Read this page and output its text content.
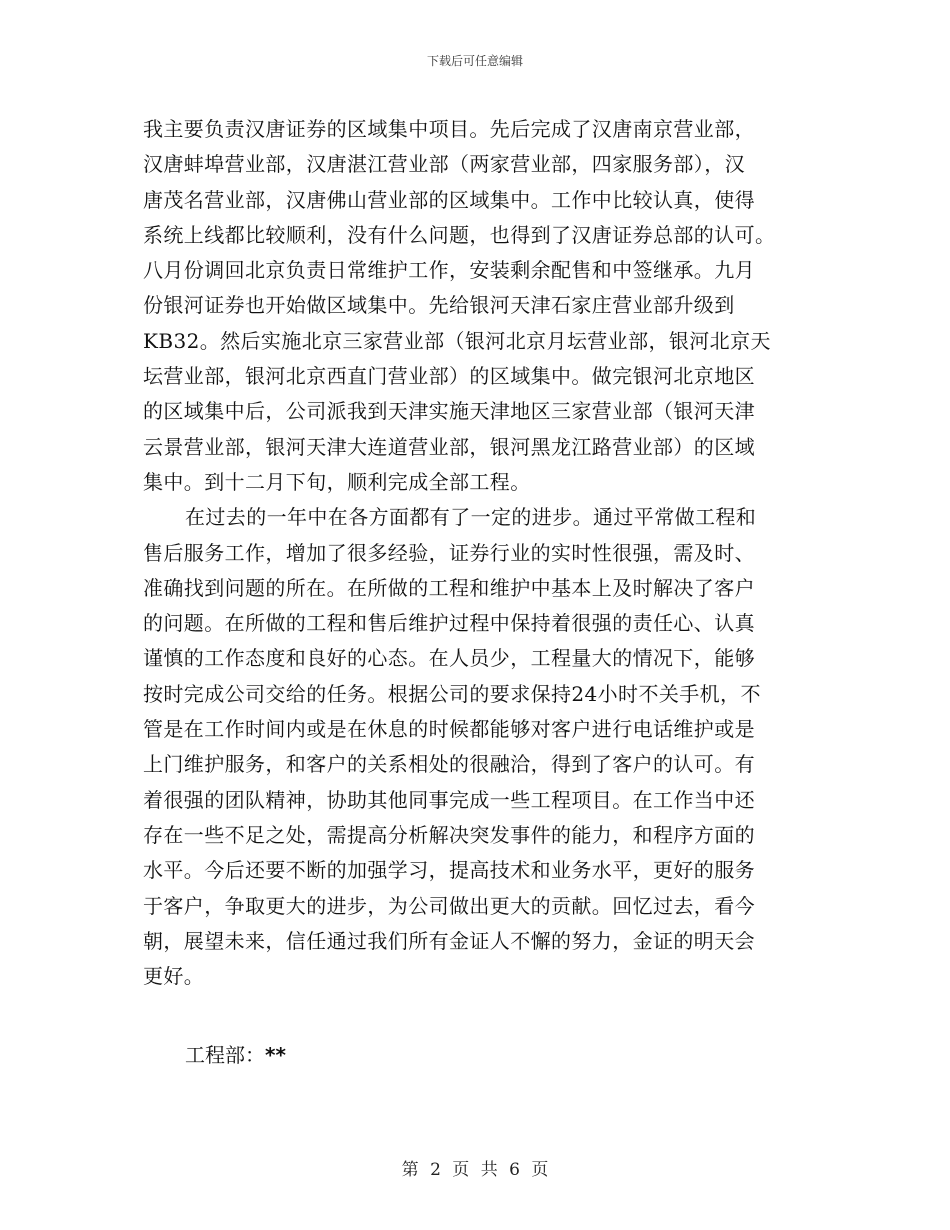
下载后可任意编辑
我主要负责汉唐证券的区域集中项目。先后完成了汉唐南京营业部，
汉唐蚌埠营业部，汉唐湛江营业部（两家营业部，四家服务部），汉
唐茂名营业部，汉唐佛山营业部的区域集中。工作中比较认真，使得
系统上线都比较顺利，没有什么问题，也得到了汉唐证券总部的认可。
八月份调回北京负责日常维护工作，安装剩余配售和中签继承。九月
份银河证券也开始做区域集中。先给银河天津石家庄营业部升级到
KB32。然后实施北京三家营业部（银河北京月坛营业部，银河北京天
坛营业部，银河北京西直门营业部）的区域集中。做完银河北京地区
的区域集中后，公司派我到天津实施天津地区三家营业部（银河天津
云景营业部，银河天津大连道营业部，银河黑龙江路营业部）的区域
集中。到十二月下旬，顺利完成全部工程。
在过去的一年中在各方面都有了一定的进步。通过平常做工程和
售后服务工作，增加了很多经验，证券行业的实时性很强，需及时、
准确找到问题的所在。在所做的工程和维护中基本上及时解决了客户
的问题。在所做的工程和售后维护过程中保持着很强的责任心、认真
谨慎的工作态度和良好的心态。在人员少，工程量大的情况下，能够
按时完成公司交给的任务。根据公司的要求保持24小时不关手机，不
管是在工作时间内或是在休息的时候都能够对客户进行电话维护或是
上门维护服务，和客户的关系相处的很融洽，得到了客户的认可。有
着很强的团队精神，协助其他同事完成一些工程项目。在工作当中还
存在一些不足之处，需提高分析解决突发事件的能力，和程序方面的
水平。今后还要不断的加强学习，提高技术和业务水平，更好的服务
于客户，争取更大的进步，为公司做出更大的贡献。回忆过去，看今
朝，展望未来，信任通过我们所有金证人不懈的努力，金证的明天会
更好。
工程部：**
第 2 页 共 6 页
